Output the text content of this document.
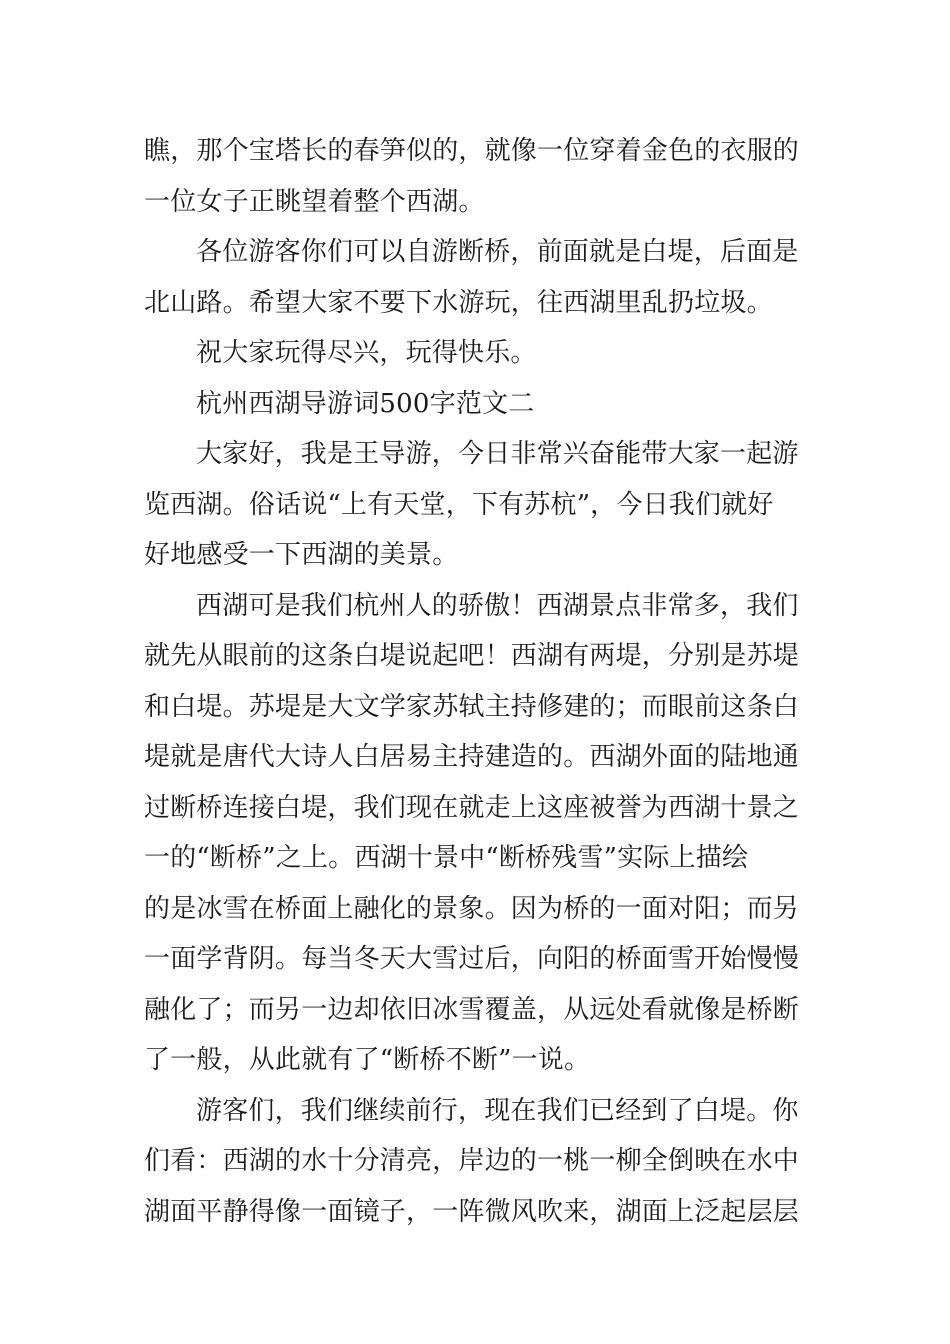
瞧，那个宝塔长的春笋似的，就像一位穿着金色的衣服的
一位女子正眺望着整个西湖。

各位游客你们可以自游断桥，前面就是白堤，后面是
北山路。希望大家不要下水游玩，往西湖里乱扔垃圾。

祝大家玩得尽兴，玩得快乐。

杭州西湖导游词500字范文二

大家好，我是王导游，今日非常兴奋能带大家一起游
览西湖。俗话说“上有天堂，下有苏杭”，今日我们就好
好地感受一下西湖的美景。

西湖可是我们杭州人的骄傲！西湖景点非常多，我们
就先从眼前的这条白堤说起吧！西湖有两堤，分别是苏堤
和白堤。苏堤是大文学家苏轼主持修建的；而眼前这条白
堤就是唐代大诗人白居易主持建造的。西湖外面的陆地通
过断桥连接白堤，我们现在就走上这座被誉为西湖十景之
一的“断桥”之上。西湖十景中“断桥残雪”实际上描绘
的是冰雪在桥面上融化的景象。因为桥的一面对阳；而另
一面学背阴。每当冬天大雪过后，向阳的桥面雪开始慢慢
融化了；而另一边却依旧冰雪覆盖，从远处看就像是桥断
了一般，从此就有了“断桥不断”一说。

游客们，我们继续前行，现在我们已经到了白堤。你
们看：西湖的水十分清亮，岸边的一桃一柳全倒映在水中
湖面平静得像一面镜子，一阵微风吹来，湖面上泛起层层
